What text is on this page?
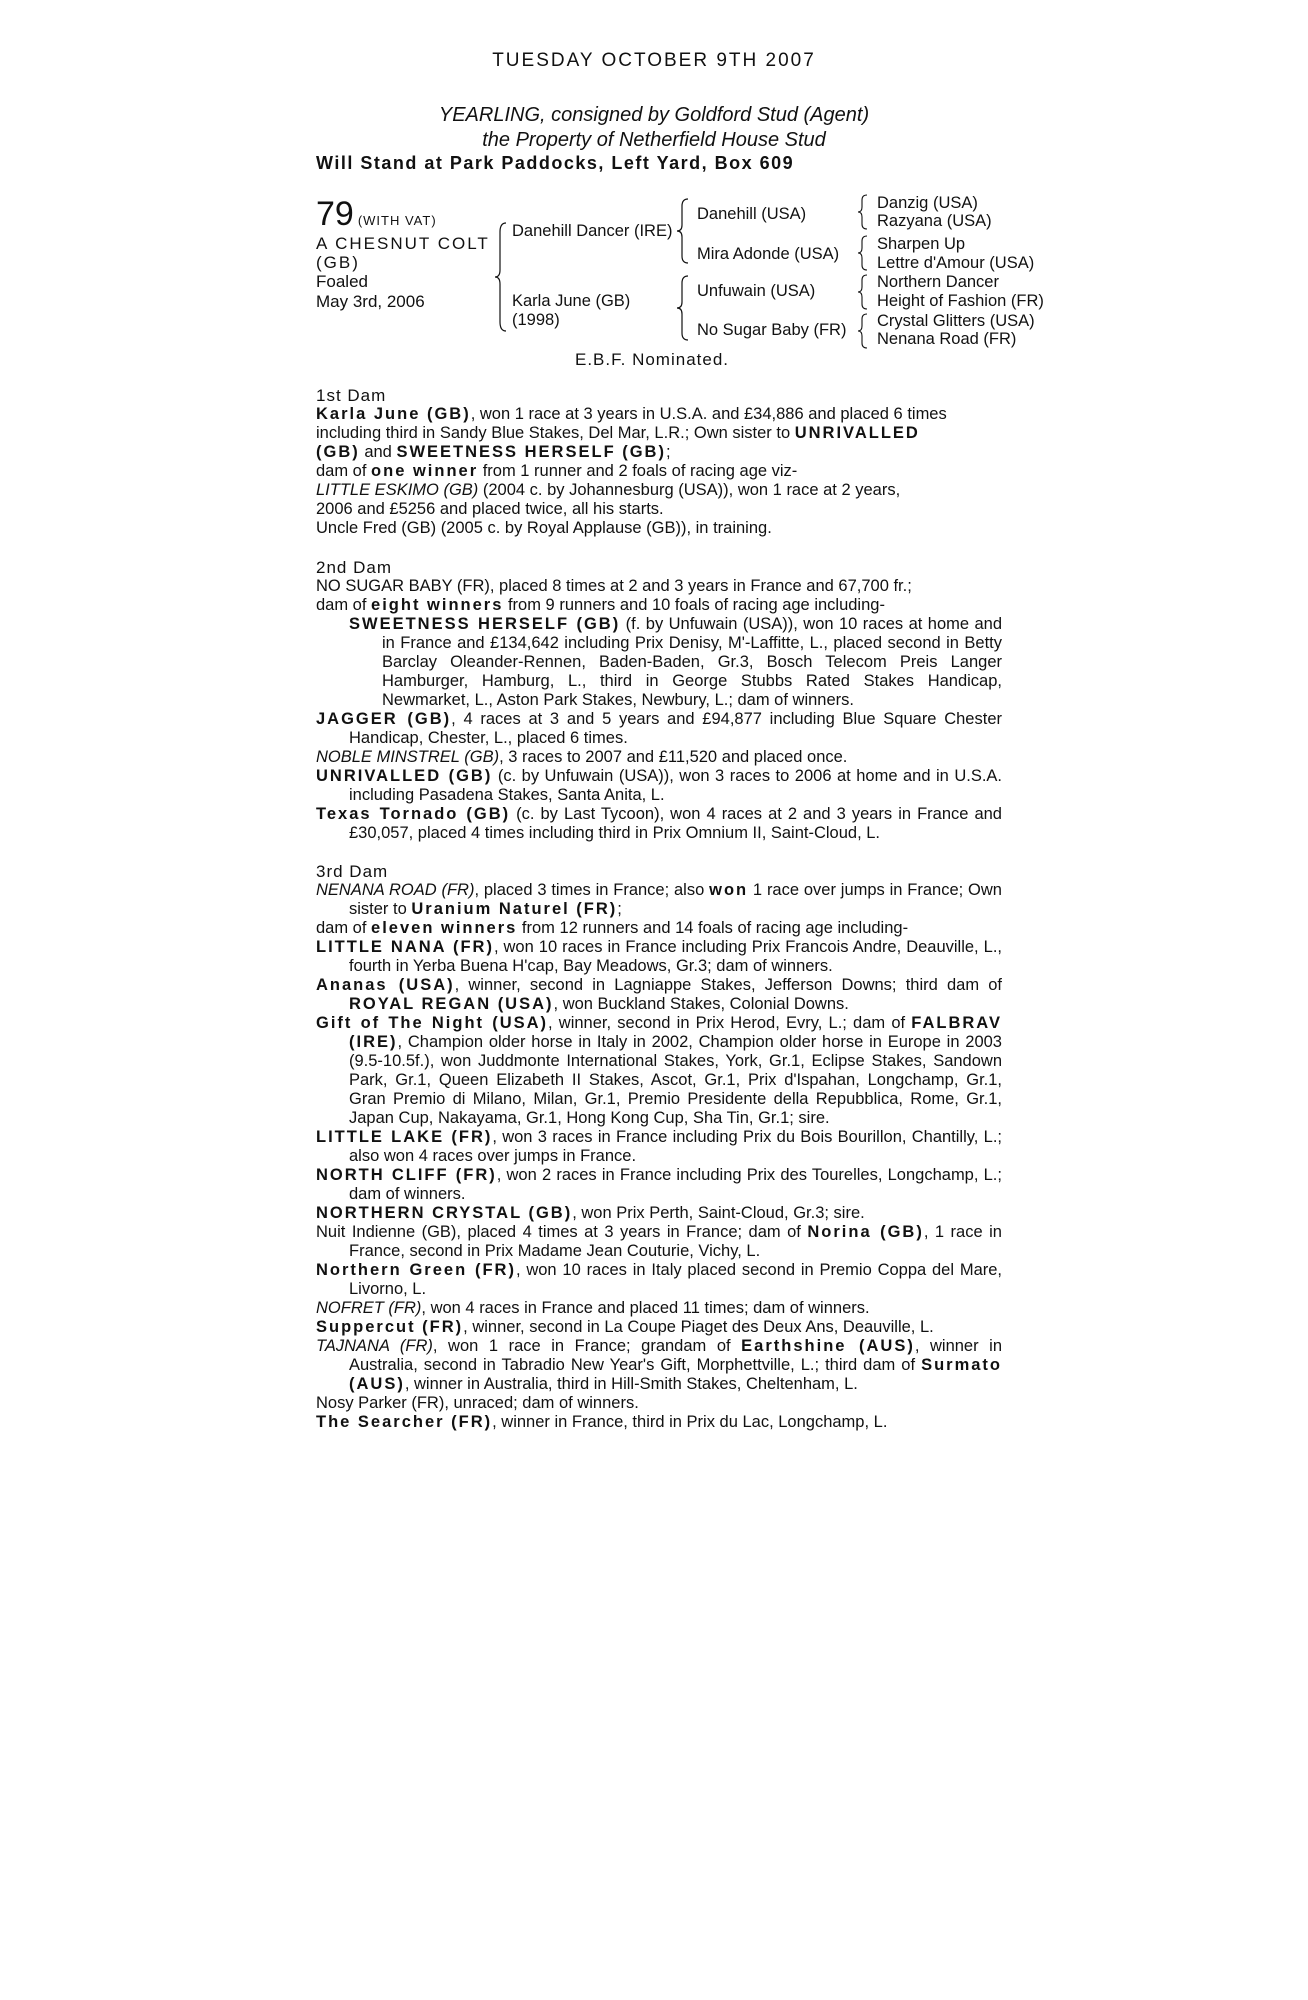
TUESDAY OCTOBER 9TH 2007
YEARLING, consigned by Goldford Stud (Agent)
the Property of Netherfield House Stud
Will Stand at Park Paddocks, Left Yard, Box 609
79 (WITH VAT)
A CHESNUT COLT
(GB)
Foaled
May 3rd, 2006
Danehill Dancer (IRE)
Karla June (GB)
(1998)
Danehill (USA)
Mira Adonde (USA)
Unfuwain (USA)
No Sugar Baby (FR)
Danzig (USA)
Razyana (USA)
Sharpen Up
Lettre d'Amour (USA)
Northern Dancer
Height of Fashion (FR)
Crystal Glitters (USA)
Nenana Road (FR)
E.B.F. Nominated.

1st Dam

Karla June (GB), won 1 race at 3 years in U.S.A. and £34,886 and placed 6 times

including third in Sandy Blue Stakes, Del Mar, L.R.; Own sister to UNRIVALLED

(GB) and SWEETNESS HERSELF (GB);

dam of one winner from 1 runner and 2 foals of racing age viz-

LITTLE ESKIMO (GB) (2004 c. by Johannesburg (USA)), won 1 race at 2 years,

2006 and £5256 and placed twice, all his starts.

Uncle Fred (GB) (2005 c. by Royal Applause (GB)), in training.

2nd Dam

NO SUGAR BABY (FR), placed 8 times at 2 and 3 years in France and 67,700 fr.;

dam of eight winners from 9 runners and 10 foals of racing age including-

SWEETNESS HERSELF (GB) (f. by Unfuwain (USA)), won 10 races at home and in France and £134,642 including Prix Denisy, M'-Laffitte, L., placed second in Betty Barclay Oleander-Rennen, Baden-Baden, Gr.3, Bosch Telecom Preis Langer Hamburger, Hamburg, L., third in George Stubbs Rated Stakes Handicap, Newmarket, L., Aston Park Stakes, Newbury, L.; dam of winners.

JAGGER (GB), 4 races at 3 and 5 years and £94,877 including Blue Square Chester Handicap, Chester, L., placed 6 times.

NOBLE MINSTREL (GB), 3 races to 2007 and £11,520 and placed once.

UNRIVALLED (GB) (c. by Unfuwain (USA)), won 3 races to 2006 at home and in U.S.A. including Pasadena Stakes, Santa Anita, L.

Texas Tornado (GB) (c. by Last Tycoon), won 4 races at 2 and 3 years in France and £30,057, placed 4 times including third in Prix Omnium II, Saint-Cloud, L.

3rd Dam

NENANA ROAD (FR), placed 3 times in France; also won 1 race over jumps in France; Own sister to Uranium Naturel (FR);

dam of eleven winners from 12 runners and 14 foals of racing age including-

LITTLE NANA (FR), won 10 races in France including Prix Francois Andre, Deauville, L., fourth in Yerba Buena H'cap, Bay Meadows, Gr.3; dam of winners.

Ananas (USA), winner, second in Lagniappe Stakes, Jefferson Downs; third dam of ROYAL REGAN (USA), won Buckland Stakes, Colonial Downs.

Gift of The Night (USA), winner, second in Prix Herod, Evry, L.; dam of FALBRAV (IRE), Champion older horse in Italy in 2002, Champion older horse in Europe in 2003 (9.5-10.5f.), won Juddmonte International Stakes, York, Gr.1, Eclipse Stakes, Sandown Park, Gr.1, Queen Elizabeth II Stakes, Ascot, Gr.1, Prix d'Ispahan, Longchamp, Gr.1, Gran Premio di Milano, Milan, Gr.1, Premio Presidente della Repubblica, Rome, Gr.1, Japan Cup, Nakayama, Gr.1, Hong Kong Cup, Sha Tin, Gr.1; sire.

LITTLE LAKE (FR), won 3 races in France including Prix du Bois Bourillon, Chantilly, L.; also won 4 races over jumps in France.

NORTH CLIFF (FR), won 2 races in France including Prix des Tourelles, Longchamp, L.; dam of winners.

NORTHERN CRYSTAL (GB), won Prix Perth, Saint-Cloud, Gr.3; sire.

Nuit Indienne (GB), placed 4 times at 3 years in France; dam of Norina (GB), 1 race in France, second in Prix Madame Jean Couturie, Vichy, L.

Northern Green (FR), won 10 races in Italy placed second in Premio Coppa del Mare, Livorno, L.

NOFRET (FR), won 4 races in France and placed 11 times; dam of winners.

Suppercut (FR), winner, second in La Coupe Piaget des Deux Ans, Deauville, L.

TAJNANA (FR), won 1 race in France; grandam of Earthshine (AUS), winner in Australia, second in Tabradio New Year's Gift, Morphettville, L.; third dam of Surmato (AUS), winner in Australia, third in Hill-Smith Stakes, Cheltenham, L.

Nosy Parker (FR), unraced; dam of winners.

The Searcher (FR), winner in France, third in Prix du Lac, Longchamp, L.
